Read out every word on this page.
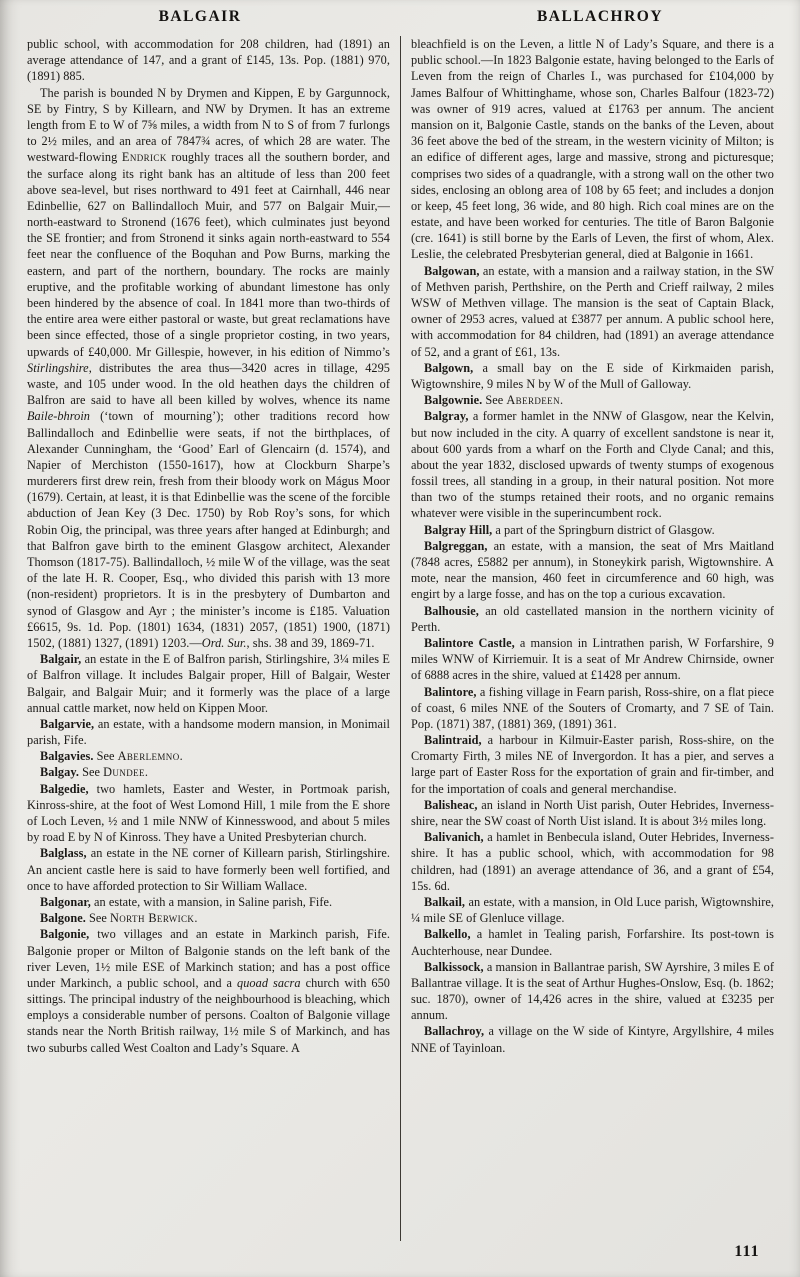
BALGAIR	BALLACHROY

public school, with accommodation for 208 children, had (1891) an average attendance of 147, and a grant of £145, 13s. Pop. (1881) 970, (1891) 885.

The parish is bounded N by Drymen and Kippen, E by Gargunnock, SE by Fintry, S by Killearn, and NW by Drymen. It has an extreme length from E to W of 7⅝ miles, a width from N to S of from 7 furlongs to 2½ miles, and an area of 7847¾ acres, of which 28 are water. The westward-flowing Endrick roughly traces all the southern border, and the surface along its right bank has an altitude of less than 200 feet above sea-level, but rises northward to 491 feet at Cairnhall, 446 near Edinbellie, 627 on Ballindalloch Muir, and 577 on Balgair Muir,—north-eastward to Stronend (1676 feet), which culminates just beyond the SE frontier; and from Stronend it sinks again north-eastward to 554 feet near the confluence of the Boquhan and Pow Burns, marking the eastern, and part of the northern, boundary. The rocks are mainly eruptive, and the profitable working of abundant limestone has only been hindered by the absence of coal. In 1841 more than two-thirds of the entire area were either pastoral or waste, but great reclamations have been since effected, those of a single proprietor costing, in two years, upwards of £40,000. Mr Gillespie, however, in his edition of Nimmo’s Stirlingshire, distributes the area thus—3420 acres in tillage, 4295 waste, and 105 under wood. In the old heathen days the children of Balfron are said to have all been killed by wolves, whence its name Baile-bhroin (‘town of mourning’); other traditions record how Ballindalloch and Edinbellie were seats, if not the birthplaces, of Alexander Cunningham, the ‘Good’ Earl of Glencairn (d. 1574), and Napier of Merchiston (1550-1617), how at Clockburn Sharpe’s murderers first drew rein, fresh from their bloody work on Mágus Moor (1679). Certain, at least, it is that Edinbellie was the scene of the forcible abduction of Jean Key (3 Dec. 1750) by Rob Roy’s sons, for which Robin Oig, the principal, was three years after hanged at Edinburgh; and that Balfron gave birth to the eminent Glasgow architect, Alexander Thomson (1817-75). Ballindalloch, ½ mile W of the village, was the seat of the late H. R. Cooper, Esq., who divided this parish with 13 more (non-resident) proprietors. It is in the presbytery of Dumbarton and synod of Glasgow and Ayr ; the minister’s income is £185. Valuation £6615, 9s. 1d. Pop. (1801) 1634, (1831) 2057, (1851) 1900, (1871) 1502, (1881) 1327, (1891) 1203.—Ord. Sur., shs. 38 and 39, 1869-71.

Balgair, an estate in the E of Balfron parish, Stirlingshire, 3¼ miles E of Balfron village. It includes Balgair proper, Hill of Balgair, Wester Balgair, and Balgair Muir; and it formerly was the place of a large annual cattle market, now held on Kippen Moor.

Balgarvie, an estate, with a handsome modern mansion, in Monimail parish, Fife.

Balgavies. See Aberlemno.

Balgay. See Dundee.

Balgedie, two hamlets, Easter and Wester, in Portmoak parish, Kinross-shire, at the foot of West Lomond Hill, 1 mile from the E shore of Loch Leven, ½ and 1 mile NNW of Kinnesswood, and about 5 miles by road E by N of Kinross. They have a United Presbyterian church.

Balglass, an estate in the NE corner of Killearn parish, Stirlingshire. An ancient castle here is said to have formerly been well fortified, and once to have afforded protection to Sir William Wallace.

Balgonar, an estate, with a mansion, in Saline parish, Fife.

Balgone. See North Berwick.

Balgonie, two villages and an estate in Markinch parish, Fife. Balgonie proper or Milton of Balgonie stands on the left bank of the river Leven, 1½ mile ESE of Markinch station; and has a post office under Markinch, a public school, and a quoad sacra church with 650 sittings. The principal industry of the neighbourhood is bleaching, which employs a considerable number of persons. Coalton of Balgonie village stands near the North British railway, 1½ mile S of Markinch, and has two suburbs called West Coalton and Lady’s Square. A

bleachfield is on the Leven, a little N of Lady’s Square, and there is a public school.—In 1823 Balgonie estate, having belonged to the Earls of Leven from the reign of Charles I., was purchased for £104,000 by James Balfour of Whittinghame, whose son, Charles Balfour (1823-72) was owner of 919 acres, valued at £1763 per annum. The ancient mansion on it, Balgonie Castle, stands on the banks of the Leven, about 36 feet above the bed of the stream, in the western vicinity of Milton; is an edifice of different ages, large and massive, strong and picturesque; comprises two sides of a quadrangle, with a strong wall on the other two sides, enclosing an oblong area of 108 by 65 feet; and includes a donjon or keep, 45 feet long, 36 wide, and 80 high. Rich coal mines are on the estate, and have been worked for centuries. The title of Baron Balgonie (cre. 1641) is still borne by the Earls of Leven, the first of whom, Alex. Leslie, the celebrated Presbyterian general, died at Balgonie in 1661.

Balgowan, an estate, with a mansion and a railway station, in the SW of Methven parish, Perthshire, on the Perth and Crieff railway, 2 miles WSW of Methven village. The mansion is the seat of Captain Black, owner of 2953 acres, valued at £3877 per annum. A public school here, with accommodation for 84 children, had (1891) an average attendance of 52, and a grant of £61, 13s.

Balgown, a small bay on the E side of Kirkmaiden parish, Wigtownshire, 9 miles N by W of the Mull of Galloway.

Balgownie. See Aberdeen.

Balgray, a former hamlet in the NNW of Glasgow, near the Kelvin, but now included in the city. A quarry of excellent sandstone is near it, about 600 yards from a wharf on the Forth and Clyde Canal; and this, about the year 1832, disclosed upwards of twenty stumps of exogenous fossil trees, all standing in a group, in their natural position. Not more than two of the stumps retained their roots, and no organic remains whatever were visible in the superincumbent rock.

Balgray Hill, a part of the Springburn district of Glasgow.

Balgreggan, an estate, with a mansion, the seat of Mrs Maitland (7848 acres, £5882 per annum), in Stoneykirk parish, Wigtownshire. A mote, near the mansion, 460 feet in circumference and 60 high, was engirt by a large fosse, and has on the top a curious excavation.

Balhousie, an old castellated mansion in the northern vicinity of Perth.

Balintore Castle, a mansion in Lintrathen parish, W Forfarshire, 9 miles WNW of Kirriemuir. It is a seat of Mr Andrew Chirnside, owner of 6888 acres in the shire, valued at £1428 per annum.

Balintore, a fishing village in Fearn parish, Ross-shire, on a flat piece of coast, 6 miles NNE of the Souters of Cromarty, and 7 SE of Tain. Pop. (1871) 387, (1881) 369, (1891) 361.

Balintraid, a harbour in Kilmuir-Easter parish, Ross-shire, on the Cromarty Firth, 3 miles NE of Invergordon. It has a pier, and serves a large part of Easter Ross for the exportation of grain and fir-timber, and for the importation of coals and general merchandise.

Balisheac, an island in North Uist parish, Outer Hebrides, Inverness-shire, near the SW coast of North Uist island. It is about 3½ miles long.

Balivanich, a hamlet in Benbecula island, Outer Hebrides, Inverness-shire. It has a public school, which, with accommodation for 98 children, had (1891) an average attendance of 36, and a grant of £54, 15s. 6d.

Balkail, an estate, with a mansion, in Old Luce parish, Wigtownshire, ¼ mile SE of Glenluce village.

Balkello, a hamlet in Tealing parish, Forfarshire. Its post-town is Auchterhouse, near Dundee.

Balkissock, a mansion in Ballantrae parish, SW Ayrshire, 3 miles E of Ballantrae village. It is the seat of Arthur Hughes-Onslow, Esq. (b. 1862; suc. 1870), owner of 14,426 acres in the shire, valued at £3235 per annum.

Ballachroy, a village on the W side of Kintyre, Argyllshire, 4 miles NNE of Tayinloan.

111
